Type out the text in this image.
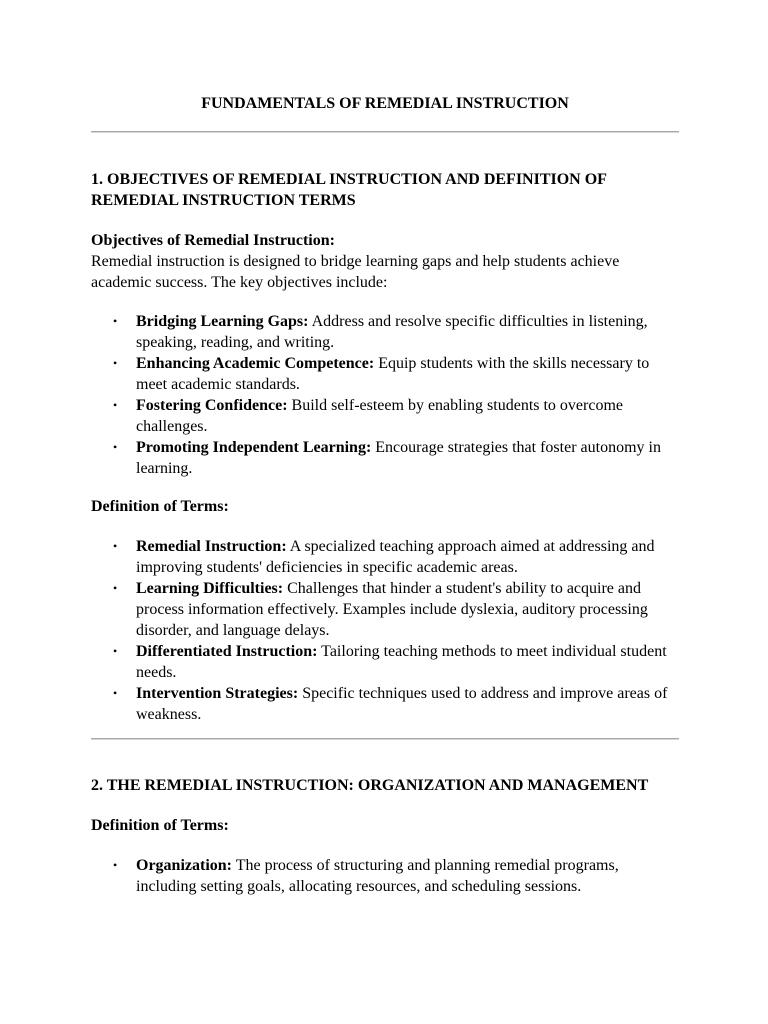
FUNDAMENTALS OF REMEDIAL INSTRUCTION
1. OBJECTIVES OF REMEDIAL INSTRUCTION AND DEFINITION OF REMEDIAL INSTRUCTION TERMS

Objectives of Remedial Instruction:

Remedial instruction is designed to bridge learning gaps and help students achieve academic success. The key objectives include:

• Bridging Learning Gaps: Address and resolve specific difficulties in listening, speaking, reading, and writing.
• Enhancing Academic Competence: Equip students with the skills necessary to meet academic standards.
• Fostering Confidence: Build self-esteem by enabling students to overcome challenges.
• Promoting Independent Learning: Encourage strategies that foster autonomy in learning.

Definition of Terms:

• Remedial Instruction: A specialized teaching approach aimed at addressing and improving students' deficiencies in specific academic areas.
• Learning Difficulties: Challenges that hinder a student's ability to acquire and process information effectively. Examples include dyslexia, auditory processing disorder, and language delays.
• Differentiated Instruction: Tailoring teaching methods to meet individual student needs.
• Intervention Strategies: Specific techniques used to address and improve areas of weakness.
2. THE REMEDIAL INSTRUCTION: ORGANIZATION AND MANAGEMENT

Definition of Terms:

• Organization: The process of structuring and planning remedial programs, including setting goals, allocating resources, and scheduling sessions.
